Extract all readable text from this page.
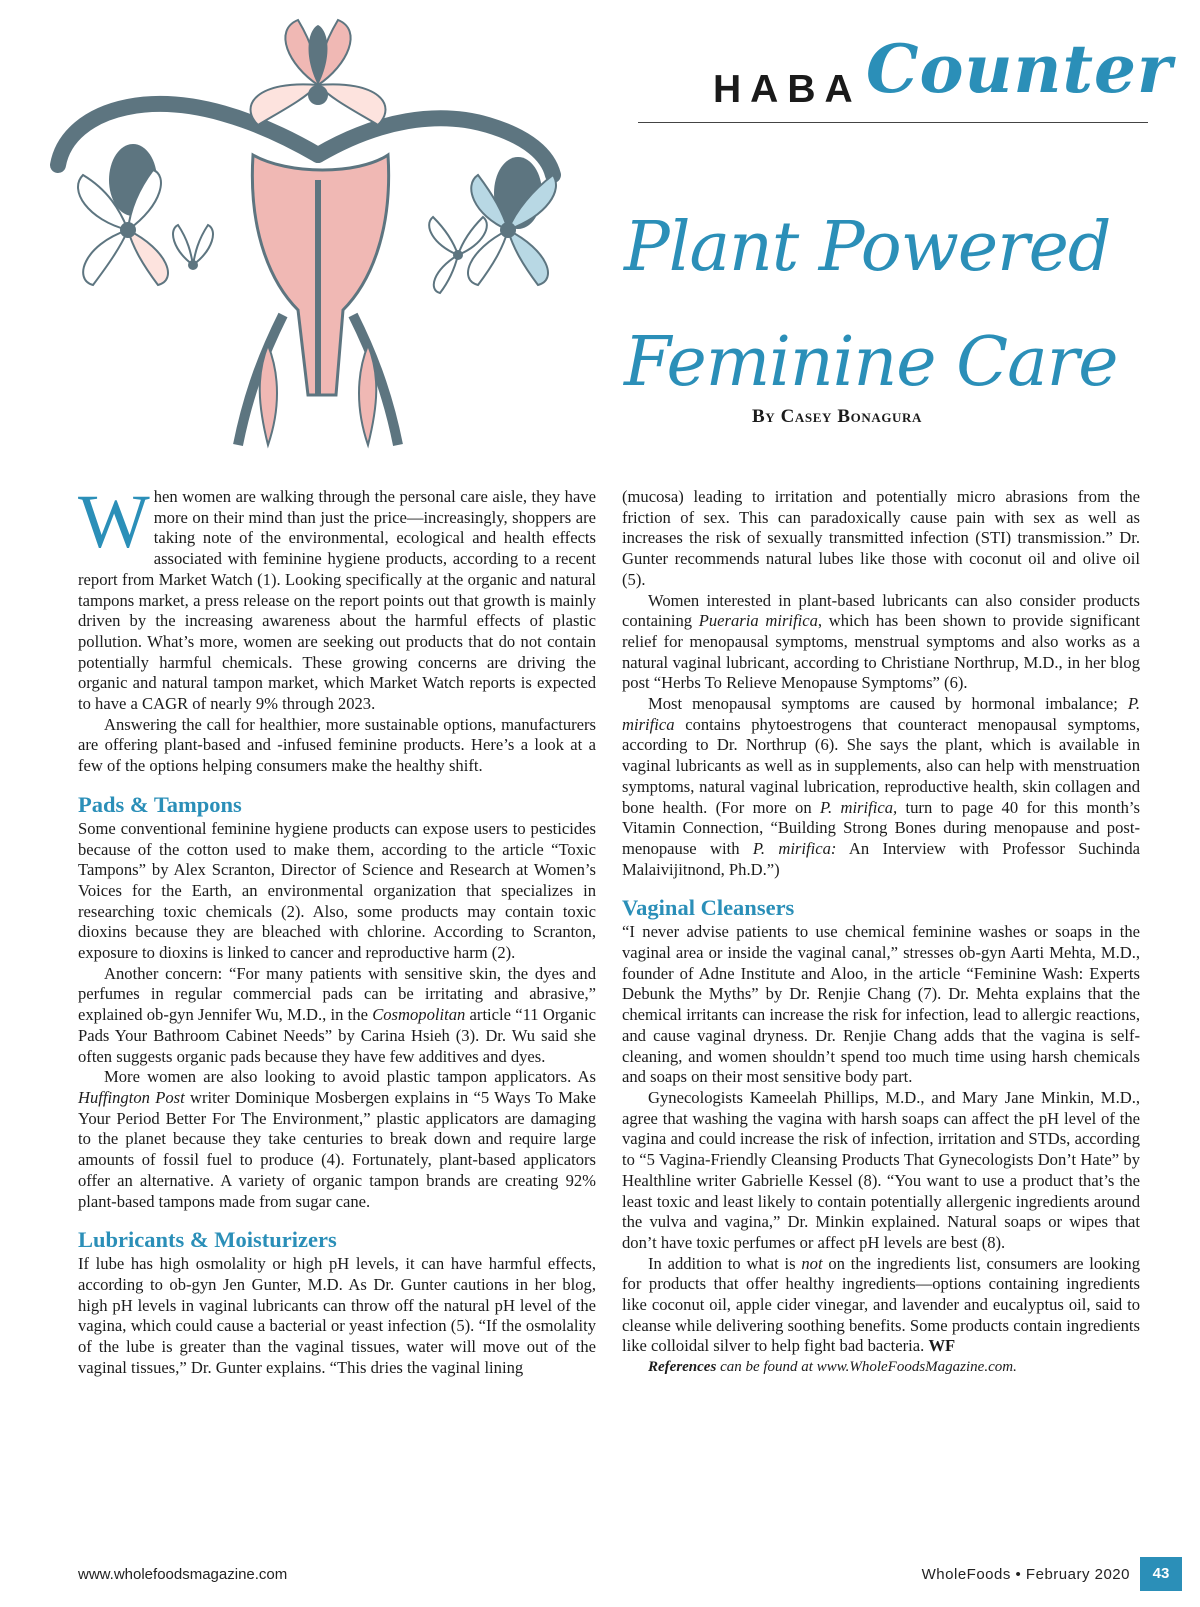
HABA Counter
Plant Powered
Feminine Care
By Casey Bonagura

When women are walking through the personal care aisle, they have more on their mind than just the price—increasingly, shoppers are taking note of the environmental, ecological and health effects associated with feminine hygiene products, according to a recent report from Market Watch (1). Looking specifically at the organic and natural tampons market, a press release on the report points out that growth is mainly driven by the increasing awareness about the harmful effects of plastic pollution. What’s more, women are seeking out products that do not contain potentially harmful chemicals. These growing concerns are driving the organic and natural tampon market, which Market Watch reports is expected to have a CAGR of nearly 9% through 2023.

Answering the call for healthier, more sustainable options, manufacturers are offering plant-based and -infused feminine products. Here’s a look at a few of the options helping consumers make the healthy shift.

Pads & Tampons

Some conventional feminine hygiene products can expose users to pesticides because of the cotton used to make them, according to the article “Toxic Tampons” by Alex Scranton, Director of Science and Research at Women’s Voices for the Earth, an environmental organization that specializes in researching toxic chemicals (2). Also, some products may contain toxic dioxins because they are bleached with chlorine. According to Scranton, exposure to dioxins is linked to cancer and reproductive harm (2).

Another concern: “For many patients with sensitive skin, the dyes and perfumes in regular commercial pads can be irritating and abrasive,” explained ob-gyn Jennifer Wu, M.D., in the Cosmopolitan article “11 Organic Pads Your Bathroom Cabinet Needs” by Carina Hsieh (3). Dr. Wu said she often suggests organic pads because they have few additives and dyes.

More women are also looking to avoid plastic tampon applicators. As Huffington Post writer Dominique Mosbergen explains in “5 Ways To Make Your Period Better For The Environment,” plastic applicators are damaging to the planet because they take centuries to break down and require large amounts of fossil fuel to produce (4). Fortunately, plant-based applicators offer an alternative. A variety of organic tampon brands are creating 92% plant-based tampons made from sugar cane.

Lubricants & Moisturizers

If lube has high osmolality or high pH levels, it can have harmful effects, according to ob-gyn Jen Gunter, M.D. As Dr. Gunter cautions in her blog, high pH levels in vaginal lubricants can throw off the natural pH level of the vagina, which could cause a bacterial or yeast infection (5). “If the osmolality of the lube is greater than the vaginal tissues, water will move out of the vaginal tissues,” Dr. Gunter explains. “This dries the vaginal lining

(mucosa) leading to irritation and potentially micro abrasions from the friction of sex. This can paradoxically cause pain with sex as well as increases the risk of sexually transmitted infection (STI) transmission.” Dr. Gunter recommends natural lubes like those with coconut oil and olive oil (5).

Women interested in plant-based lubricants can also consider products containing Pueraria mirifica, which has been shown to provide significant relief for menopausal symptoms, menstrual symptoms and also works as a natural vaginal lubricant, according to Christiane Northrup, M.D., in her blog post “Herbs To Relieve Menopause Symptoms” (6).

Most menopausal symptoms are caused by hormonal imbalance; P. mirifica contains phytoestrogens that counteract menopausal symptoms, according to Dr. Northrup (6). She says the plant, which is available in vaginal lubricants as well as in supplements, also can help with menstruation symptoms, natural vaginal lubrication, reproductive health, skin collagen and bone health. (For more on P. mirifica, turn to page 40 for this month’s Vitamin Connection, “Building Strong Bones during menopause and post-menopause with P. mirifica: An Interview with Professor Suchinda Malaivijitnond, Ph.D.”)

Vaginal Cleansers

“I never advise patients to use chemical feminine washes or soaps in the vaginal area or inside the vaginal canal,” stresses ob-gyn Aarti Mehta, M.D., founder of Adne Institute and Aloo, in the article “Feminine Wash: Experts Debunk the Myths” by Dr. Renjie Chang (7). Dr. Mehta explains that the chemical irritants can increase the risk for infection, lead to allergic reactions, and cause vaginal dryness. Dr. Renjie Chang adds that the vagina is self-cleaning, and women shouldn’t spend too much time using harsh chemicals and soaps on their most sensitive body part.

Gynecologists Kameelah Phillips, M.D., and Mary Jane Minkin, M.D., agree that washing the vagina with harsh soaps can affect the pH level of the vagina and could increase the risk of infection, irritation and STDs, according to “5 Vagina-Friendly Cleansing Products That Gynecologists Don’t Hate” by Healthline writer Gabrielle Kessel (8). “You want to use a product that’s the least toxic and least likely to contain potentially allergenic ingredients around the vulva and vagina,” Dr. Minkin explained. Natural soaps or wipes that don’t have toxic perfumes or affect pH levels are best (8).

In addition to what is not on the ingredients list, consumers are looking for products that offer healthy ingredients—options containing ingredients like coconut oil, apple cider vinegar, and lavender and eucalyptus oil, said to cleanse while delivering soothing benefits. Some products contain ingredients like colloidal silver to help fight bad bacteria. WF

References can be found at www.WholeFoodsMagazine.com.

www.wholefoodsmagazine.com	WholeFoods • February 2020	43
